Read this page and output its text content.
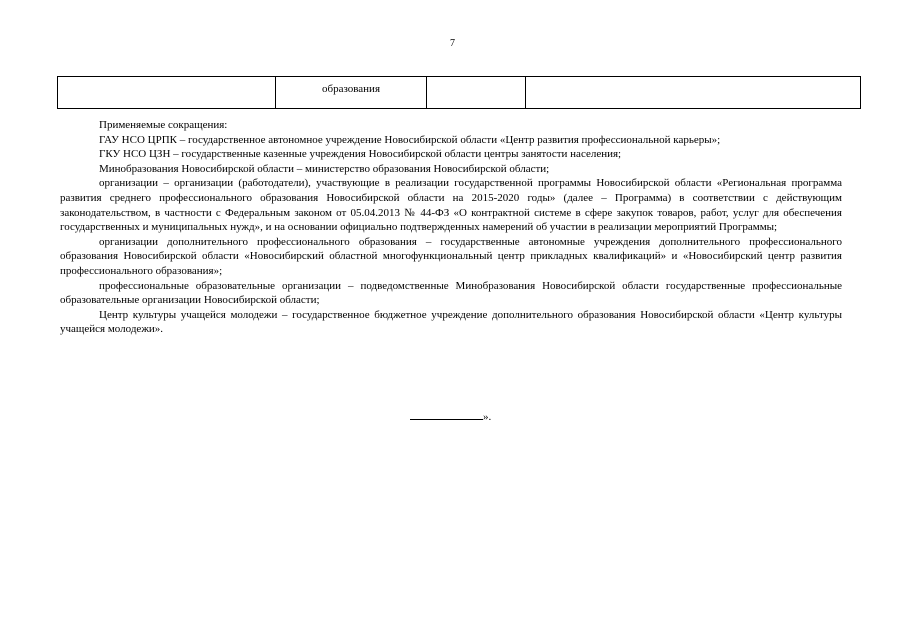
7
	образования		

Применяемые сокращения:

ГАУ НСО ЦРПК – государственное автономное учреждение Новосибирской области «Центр развития профессиональной карьеры»;

ГКУ НСО ЦЗН – государственные казенные учреждения Новосибирской области центры занятости населения;

Минобразования Новосибирской области – министерство образования Новосибирской области;

организации – организации (работодатели), участвующие в реализации государственной программы Новосибирской области «Региональная программа развития среднего профессионального образования Новосибирской области на 2015-2020 годы» (далее – Программа) в соответствии с действующим законодательством, в частности с Федеральным законом от 05.04.2013 № 44-ФЗ «О контрактной системе в сфере закупок товаров, работ, услуг для обеспечения государственных и муниципальных нужд», и на основании официально подтвержденных намерений об участии в реализации мероприятий Программы;

организации дополнительного профессионального образования – государственные автономные учреждения дополнительного профессионального образования Новосибирской области «Новосибирский областной многофункциональный центр прикладных квалификаций» и «Новосибирский центр развития профессионального образования»;

профессиональные образовательные организации – подведомственные Минобразования Новосибирской области государственные профессиональные образовательные организации Новосибирской области;

Центр культуры учащейся молодежи – государственное бюджетное учреждение дополнительного образования Новосибирской области «Центр культуры учащейся молодежи».

».
